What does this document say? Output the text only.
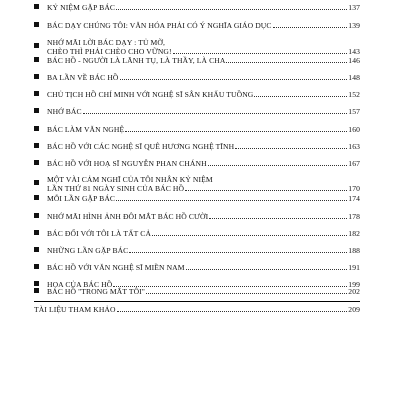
KỶ NIỆM GẶP BÁC	137
BÁC DẠY CHÚNG TÔI: VĂN HÓA PHẢI CÓ Ý NGHĨA GIÁO DỤC	139
NHỚ MÃI LỜI BÁC DẠY : TỦ MỠ,
CHÈO THÌ PHẢI CHÈO CHO VỮNG!	143
BÁC HỒ - NGƯỜI LÀ LÃNH TỤ, LÀ THẦY, LÀ CHA	146
BA LẦN VỀ BÁC HỒ	148
CHỦ TỊCH HỒ CHÍ MINH VỚI NGHỆ SĨ SÂN KHẤU TUỒNG	152
NHỚ BÁC	157
BÁC LÀM VĂN NGHỆ	160
BÁC HỒ VỚI CÁC NGHỆ SĨ QUÊ HƯƠNG NGHỆ TĨNH	163
BÁC HỒ VỚI HOẠ SĨ NGUYỄN PHAN CHÁNH	167
MỘT VÀI CẢM NGHĨ CỦA TÔI NHÂN KỶ NIỆM
LẦN THỨ 81 NGÀY SINH CỦA BÁC HỒ	170
MỖI LẦN GẶP BÁC	174
NHỚ MÃI HÌNH ẢNH ĐÔI MẮT BÁC HỒ CƯỜI	178
BÁC ĐỐI VỚI TÔI LÀ TẤT CẢ	182
NHỮNG LẦN GẶP BÁC	188
BÁC HỒ VỚI VĂN NGHỆ SĨ MIỀN NAM	191
HOA CỦA BÁC HỒ	199
BÁC HỒ "TRONG MẮT TÔI"	202
TÀI LIỆU THAM KHẢO	209
